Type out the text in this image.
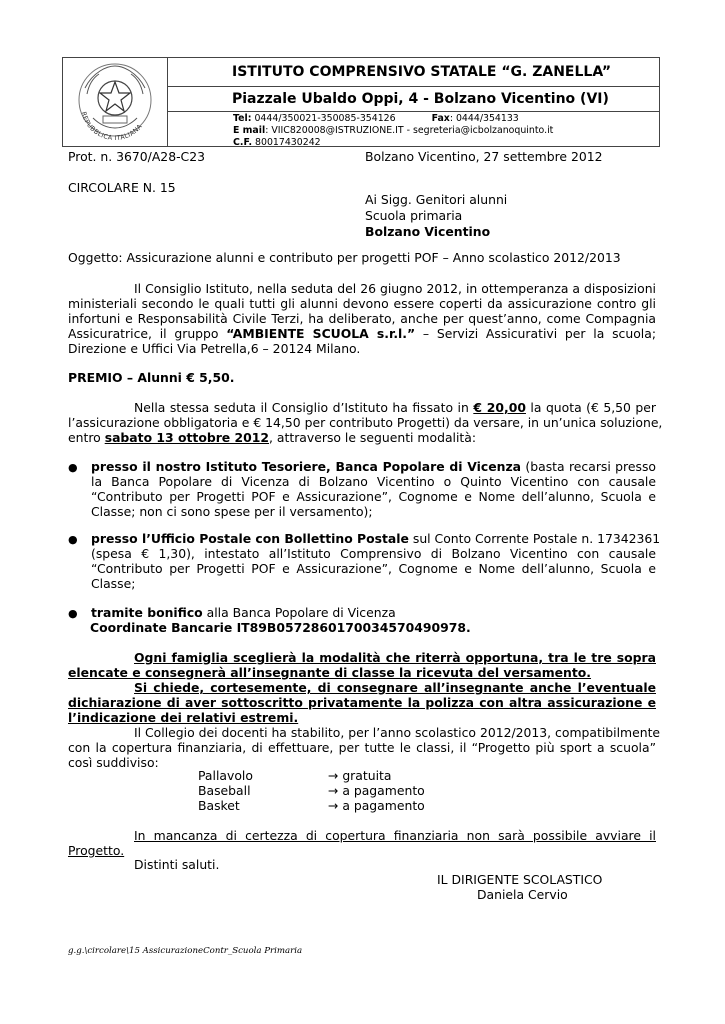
REPUBBLICA ITALIANA
ISTITUTO COMPRENSIVO STATALE “G. ZANELLA”
Piazzale Ubaldo Oppi, 4 - Bolzano Vicentino (VI)
Tel: 0444/350021-350085-354126	Fax: 0444/354133
E mail: VIIC820008@ISTRUZIONE.IT - segreteria@icbolzanoquinto.it
C.F. 80017430242
Prot. n. 3670/A28-C23	Bolzano Vicentino, 27 settembre 2012
CIRCOLARE N. 15
Ai Sigg. Genitori alunni
Scuola primaria
Bolzano Vicentino
Oggetto: Assicurazione alunni e contributo per progetti POF – Anno scolastico 2012/2013
Il Consiglio Istituto, nella seduta del 26 giugno 2012, in ottemperanza a disposizioni
ministeriali secondo le quali tutti gli alunni devono essere coperti da assicurazione contro gli
infortuni e Responsabilità Civile Terzi, ha deliberato, anche per quest’anno, come Compagnia
Assicuratrice, il gruppo “AMBIENTE SCUOLA s.r.l.” – Servizi Assicurativi per la scuola;
Direzione e Uffici Via Petrella,6 – 20124 Milano.
PREMIO – Alunni € 5,50.
Nella stessa seduta il Consiglio d’Istituto ha fissato in € 20,00 la quota (€ 5,50 per
l’assicurazione obbligatoria e € 14,50 per contributo Progetti) da versare, in un’unica soluzione,
entro sabato 13 ottobre 2012, attraverso le seguenti modalità:
● presso il nostro Istituto Tesoriere, Banca Popolare di Vicenza (basta recarsi presso
la Banca Popolare di Vicenza di Bolzano Vicentino o Quinto Vicentino con causale
“Contributo per Progetti POF e Assicurazione”, Cognome e Nome dell’alunno, Scuola e
Classe; non ci sono spese per il versamento);
● presso l’Ufficio Postale con Bollettino Postale sul Conto Corrente Postale n. 17342361
(spesa € 1,30), intestato all’Istituto Comprensivo di Bolzano Vicentino con causale
“Contributo per Progetti POF e Assicurazione”, Cognome e Nome dell’alunno, Scuola e
Classe;
● tramite bonifico alla Banca Popolare di Vicenza
Coordinate Bancarie IT89B0572860170034570490978.
Ogni famiglia sceglierà la modalità che riterrà opportuna, tra le tre sopra
elencate e consegnerà all’insegnante di classe la ricevuta del versamento.
Si chiede, cortesemente, di consegnare all’insegnante anche l’eventuale
dichiarazione di aver sottoscritto privatamente la polizza con altra assicurazione e
l’indicazione dei relativi estremi.
Il Collegio dei docenti ha stabilito, per l’anno scolastico 2012/2013, compatibilmente
con la copertura finanziaria, di effettuare, per tutte le classi, il “Progetto più sport a scuola”
così suddiviso:
Pallavolo	→ gratuita
Baseball	→ a pagamento
Basket	→ a pagamento
In mancanza di certezza di copertura finanziaria non sarà possibile avviare il
Progetto.
Distinti saluti.
IL DIRIGENTE SCOLASTICO
Daniela Cervio
g.g.\circolare\15 AssicurazioneContr_Scuola Primaria
